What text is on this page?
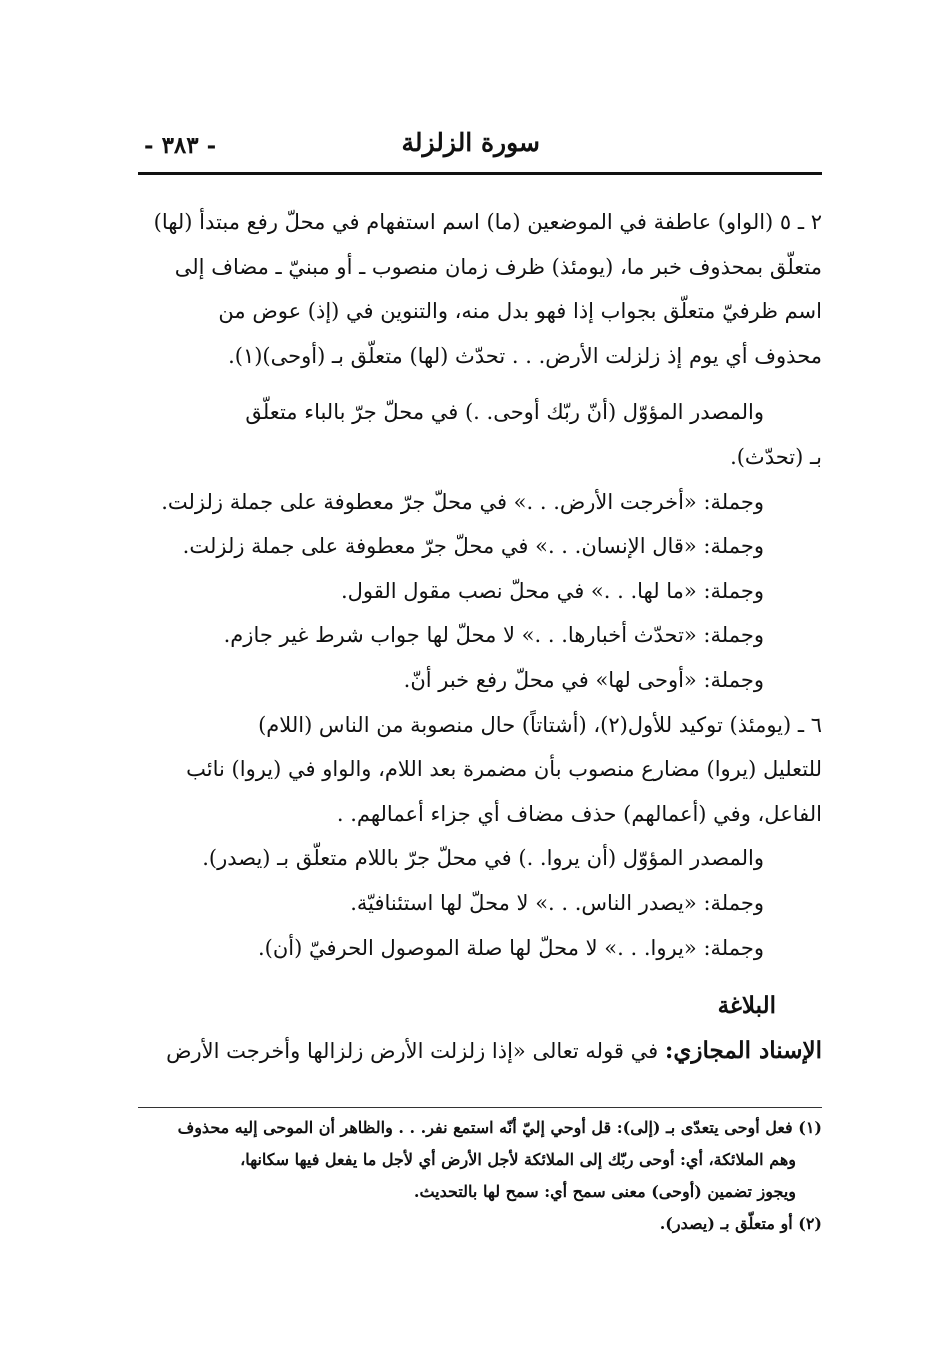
سورة الزلزلة
- ٣٨٣ -

٢ ـ ٥ (الواو) عاطفة في الموضعين (ما) اسم استفهام في محلّ رفع مبتدأ (لها)

متعلّق بمحذوف خبر ما، (يومئذ) ظرف زمان منصوب ـ أو مبنيّ ـ مضاف إلى

اسم ظرفيّ متعلّق بجواب إذا فهو بدل منه، والتنوين في (إذ) عوض من

محذوف أي يوم إذ زلزلت الأرض. . . تحدّث (لها) متعلّق بـ (أوحى)(١).

والمصدر المؤوّل (أنّ ربّك أوحى. .) في محلّ جرّ بالباء متعلّق

بـ (تحدّث).

وجملة: «أخرجت الأرض. . .» في محلّ جرّ معطوفة على جملة زلزلت.

وجملة: «قال الإنسان. . .» في محلّ جرّ معطوفة على جملة زلزلت.

وجملة: «ما لها. . .» في محلّ نصب مقول القول.

وجملة: «تحدّث أخبارها. . .» لا محلّ لها جواب شرط غير جازم.

وجملة: «أوحى لها» في محلّ رفع خبر أنّ.

٦ ـ (يومئذ) توكيد للأول(٢)، (أشتاتاً) حال منصوبة من الناس (اللام)

للتعليل (يروا) مضارع منصوب بأن مضمرة بعد اللام، والواو في (يروا) نائب

الفاعل، وفي (أعمالهم) حذف مضاف أي جزاء أعمالهم. .

والمصدر المؤوّل (أن يروا. .) في محلّ جرّ باللام متعلّق بـ (يصدر).

وجملة: «يصدر الناس. . .» لا محلّ لها استئنافيّة.

وجملة: «يروا. . .» لا محلّ لها صلة الموصول الحرفيّ (أن).

البلاغة

الإسناد المجازي: في قوله تعالى «إذا زلزلت الأرض زلزالها وأخرجت الأرض

(١) فعل أوحى يتعدّى بـ (إلى): قل أوحي إليّ أنّه استمع نفر. . . والظاهر أن الموحى إليه محذوف

وهم الملائكة، أي: أوحى ربّك إلى الملائكة لأجل الأرض أي لأجل ما يفعل فيها سكانها،

ويجوز تضمين (أوحى) معنى سمح أي: سمح لها بالتحديث.

(٢) أو متعلّق بـ (يصدر).
